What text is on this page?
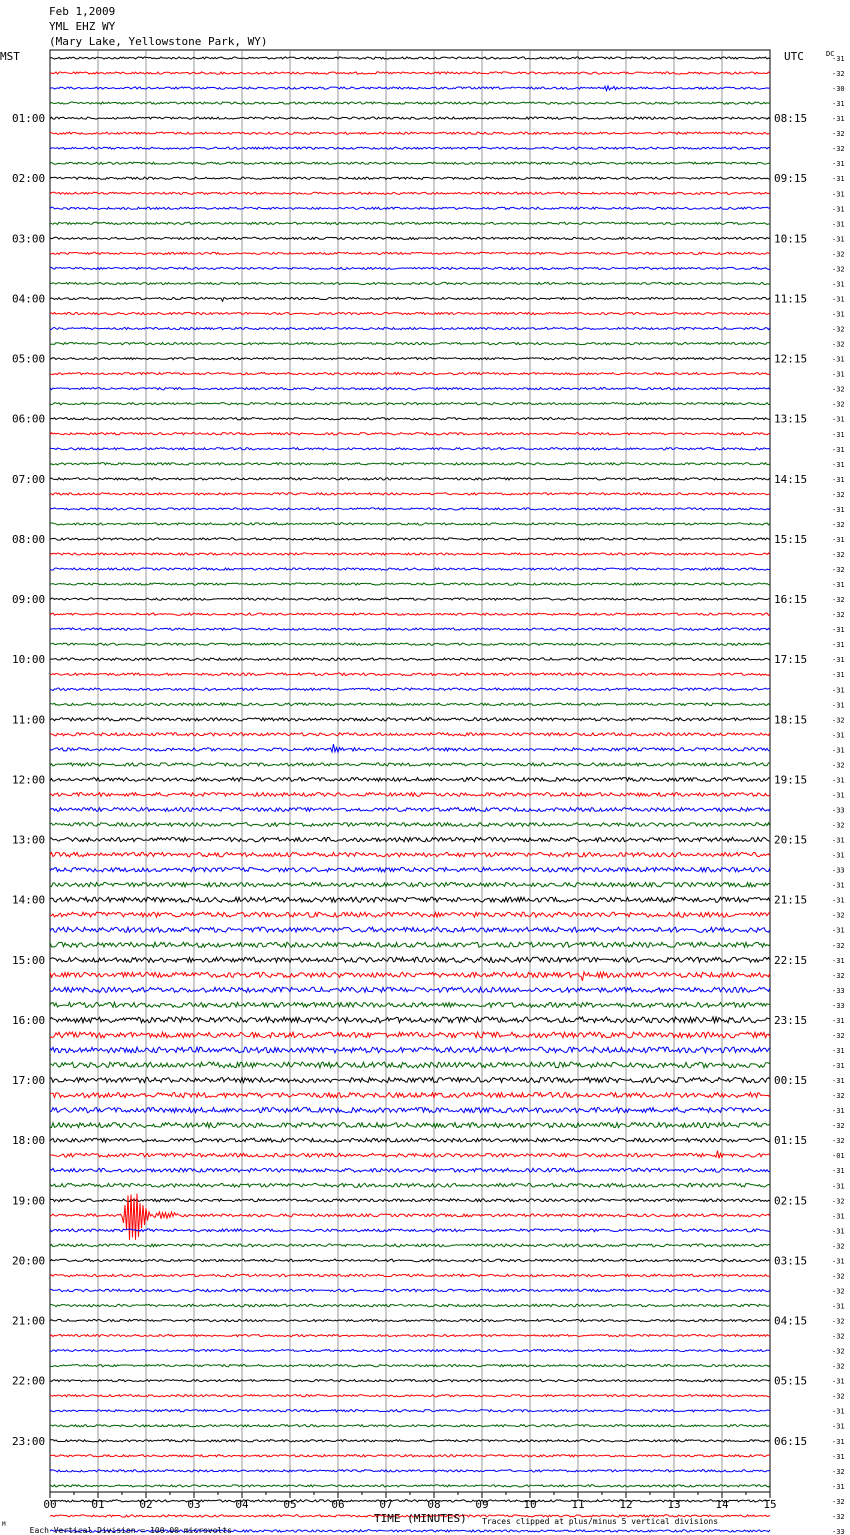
Feb 1,2009
YML EHZ WY
(Mary Lake, Yellowstone Park, WY)
MST	UTC	DC
00	01	02	03	04	05	06	07	08	09	10	11	12	13	14	15
-31
-32
-30
-31
-31
-32
-32
-31
-31
-31
-31
-31
-31
-32
-32
-31
-31
-31
-32
-32
-31
-31
-32
-32
-31
-31
-31
-31
-31
-32
-31
-32
-31
-32
-32
-31
-32
-32
-31
-31
-31
-31
-31
-31
-32
-31
-31
-32
-31
-31
-33
-32
-31
-31
-33
-31
-31
-32
-31
-32
-31
-32
-33
-33
-31
-32
-31
-31
-31
-32
-31
-32
-32
-01
-31
-31
-32
-31
-31
-32
-31
-32
-32
-31
-32
-32
-32
-32
-31
-32
-31
-31
-31
-31
-32
-31
-32
-32
-33
01:00
02:00
03:00
04:00
05:00
06:00
07:00
08:00
09:00
10:00
11:00
12:00
13:00
14:00
15:00
16:00
17:00
18:00
19:00
20:00
21:00
22:00
23:00
08:15
09:15
10:15
11:15
12:15
13:15
14:15
15:15
16:15
17:15
18:15
19:15
20:15
21:15
22:15
23:15
00:15
01:15
02:15
03:15
04:15
05:15
06:15
TIME (MINUTES)
M

Each Vertical Division = 100.00 microvolts

Traces clipped at plus/minus 5 vertical divisions
